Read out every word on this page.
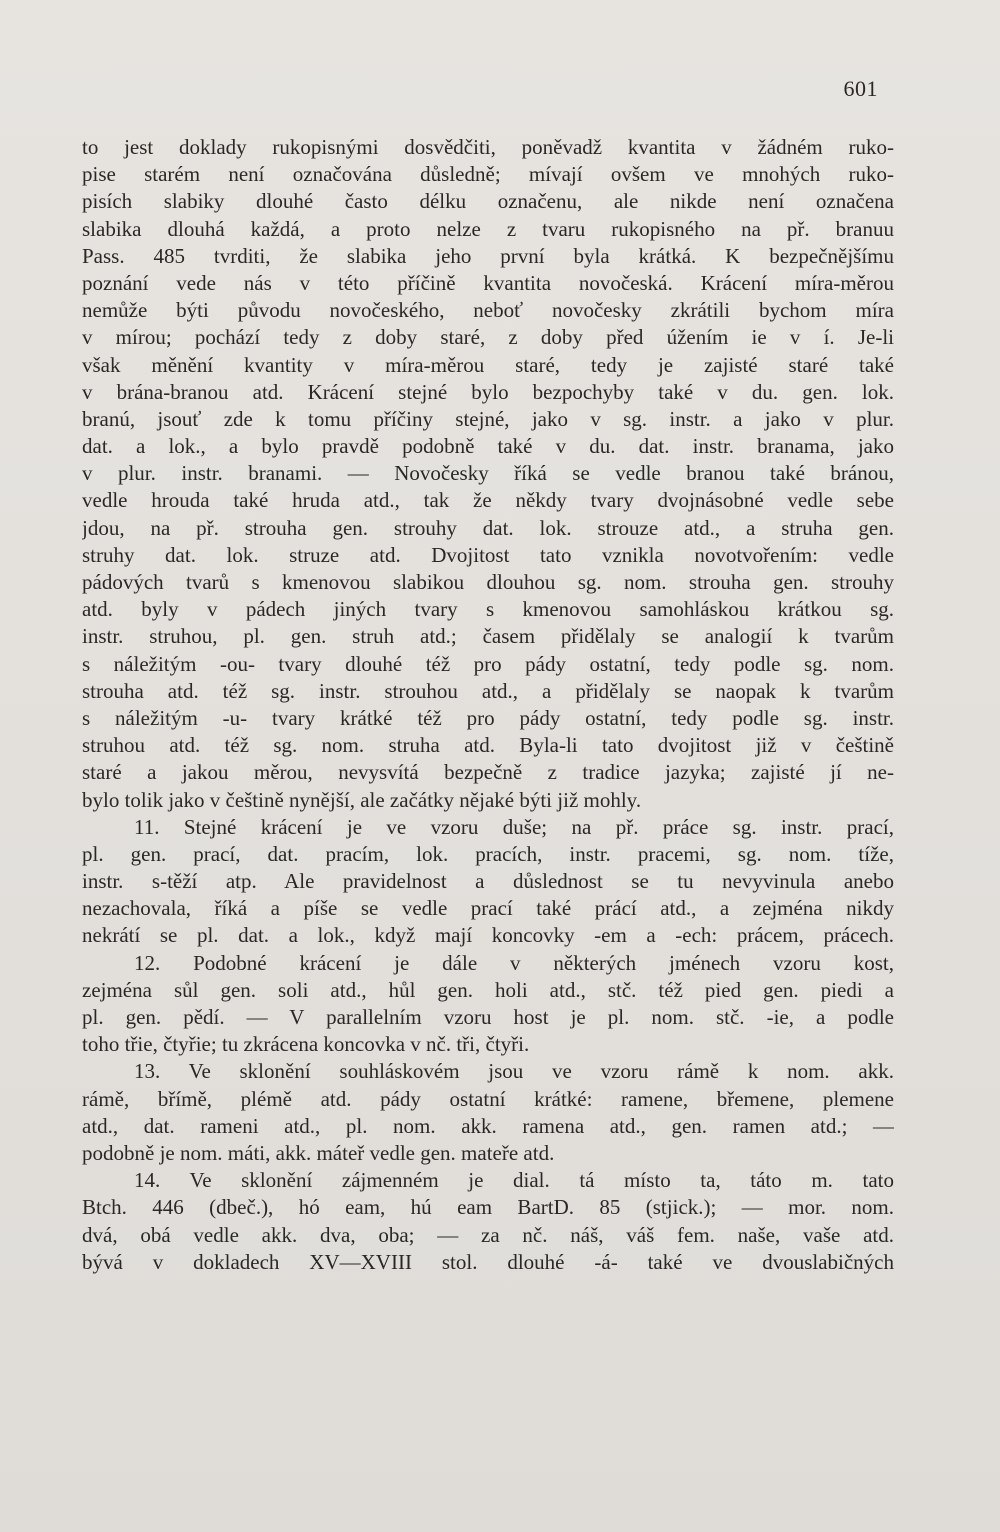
601
to jest doklady rukopisnými dosvědčiti, poněvadž kvantita v žádném ruko-
pise starém není označována důsledně; mívají ovšem ve mnohých ruko-
pisích slabiky dlouhé často délku označenu, ale nikde není označena
slabika dlouhá každá, a proto nelze z tvaru rukopisného na př. branuu
Pass. 485 tvrditi, že slabika jeho první byla krátká. K bezpečnějšímu
poznání vede nás v této příčině kvantita novočeská. Krácení míra-měrou
nemůže býti původu novočeského, neboť novočesky zkrátili bychom míra
v mírou; pochází tedy z doby staré, z doby před úžením ie v í. Je-li
však měnění kvantity v míra-měrou staré, tedy je zajisté staré také
v brána-branou atd. Krácení stejné bylo bezpochyby také v du. gen. lok.
branú, jsouť zde k tomu příčiny stejné, jako v sg. instr. a jako v plur.
dat. a lok., a bylo pravdě podobně také v du. dat. instr. branama, jako
v plur. instr. branami. — Novočesky říká se vedle branou také bránou,
vedle hrouda také hruda atd., tak že někdy tvary dvojnásobné vedle sebe
jdou, na př. strouha gen. strouhy dat. lok. strouze atd., a struha gen.
struhy dat. lok. struze atd. Dvojitost tato vznikla novotvořením: vedle
pádových tvarů s kmenovou slabikou dlouhou sg. nom. strouha gen. strouhy
atd. byly v pádech jiných tvary s kmenovou samohláskou krátkou sg.
instr. struhou, pl. gen. struh atd.; časem přidělaly se analogií k tvarům
s náležitým -ou- tvary dlouhé též pro pády ostatní, tedy podle sg. nom.
strouha atd. též sg. instr. strouhou atd., a přidělaly se naopak k tvarům
s náležitým -u- tvary krátké též pro pády ostatní, tedy podle sg. instr.
struhou atd. též sg. nom. struha atd. Byla-li tato dvojitost již v češtině
staré a jakou měrou, nevysvítá bezpečně z tradice jazyka; zajisté jí ne-
bylo tolik jako v češtině nynější, ale začátky nějaké býti již mohly.
11. Stejné krácení je ve vzoru duše; na př. práce sg. instr. prací,
pl. gen. prací, dat. pracím, lok. pracích, instr. pracemi, sg. nom. tíže,
instr. s-těží atp. Ale pravidelnost a důslednost se tu nevyvinula anebo
nezachovala, říká a píše se vedle prací také prácí atd., a zejména nikdy
nekrátí se pl. dat. a lok., když mají koncovky -em a -ech: prácem, prácech.
12. Podobné krácení je dále v některých jménech vzoru kost,
zejména sůl gen. soli atd., hůl gen. holi atd., stč. též pied gen. piedi a
pl. gen. pědí. — V parallelním vzoru host je pl. nom. stč. -ie, a podle
toho třie, čtyřie; tu zkrácena koncovka v nč. tři, čtyři.
13. Ve sklonění souhláskovém jsou ve vzoru rámě k nom. akk.
rámě, břímě, plémě atd. pády ostatní krátké: ramene, břemene, plemene
atd., dat. rameni atd., pl. nom. akk. ramena atd., gen. ramen atd.; —
podobně je nom. máti, akk. máteř vedle gen. mateře atd.
14. Ve sklonění zájmenném je dial. tá místo ta, táto m. tato
Btch. 446 (dbeč.), hó eam, hú eam BartD. 85 (stjick.); — mor. nom.
dvá, obá vedle akk. dva, oba; — za nč. náš, váš fem. naše, vaše atd.
bývá v dokladech XV—XVIII stol. dlouhé -á- také ve dvouslabičných
